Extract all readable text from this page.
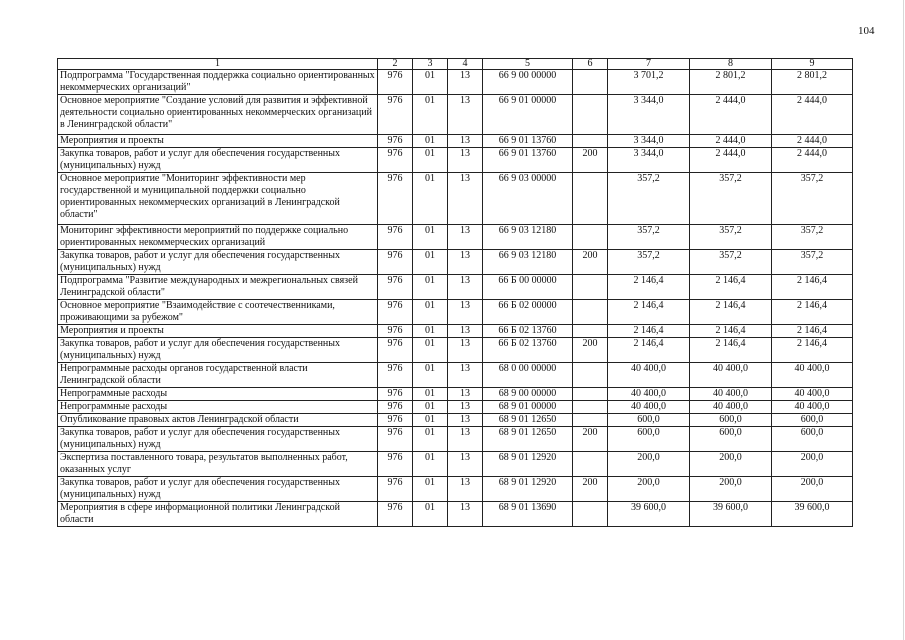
104
1	2	3	4	5	6	7	8	9
Подпрограмма "Государственная поддержка социально ориентированных некоммерческих организаций"	976	01	13	66 9 00 00000		3 701,2	2 801,2	2 801,2
Основное мероприятие "Создание условий для развития и эффективной деятельности социально ориентированных некоммерческих организаций в Ленинградской области"	976	01	13	66 9 01 00000		3 344,0	2 444,0	2 444,0
Мероприятия и проекты	976	01	13	66 9 01 13760		3 344,0	2 444,0	2 444,0
Закупка товаров, работ и услуг для обеспечения государственных (муниципальных) нужд	976	01	13	66 9 01 13760	200	3 344,0	2 444,0	2 444,0
Основное мероприятие "Мониторинг эффективности мер государственной и муниципальной поддержки социально ориентированных некоммерческих организаций в Ленинградской области"	976	01	13	66 9 03 00000		357,2	357,2	357,2
Мониторинг эффективности мероприятий по поддержке социально ориентированных некоммерческих организаций	976	01	13	66 9 03 12180		357,2	357,2	357,2
Закупка товаров, работ и услуг для обеспечения государственных (муниципальных) нужд	976	01	13	66 9 03 12180	200	357,2	357,2	357,2
Подпрограмма "Развитие международных и межрегиональных связей Ленинградской области"	976	01	13	66 Б 00 00000		2 146,4	2 146,4	2 146,4
Основное мероприятие "Взаимодействие с соотечественниками, проживающими за рубежом"	976	01	13	66 Б 02 00000		2 146,4	2 146,4	2 146,4
Мероприятия и проекты	976	01	13	66 Б 02 13760		2 146,4	2 146,4	2 146,4
Закупка товаров, работ и услуг для обеспечения государственных (муниципальных) нужд	976	01	13	66 Б 02 13760	200	2 146,4	2 146,4	2 146,4
Непрограммные расходы органов государственной власти Ленинградской области	976	01	13	68 0 00 00000		40 400,0	40 400,0	40 400,0
Непрограммные расходы	976	01	13	68 9 00 00000		40 400,0	40 400,0	40 400,0
Непрограммные расходы	976	01	13	68 9 01 00000		40 400,0	40 400,0	40 400,0
Опубликование правовых актов Ленинградской области	976	01	13	68 9 01 12650		600,0	600,0	600,0
Закупка товаров, работ и услуг для обеспечения государственных (муниципальных) нужд	976	01	13	68 9 01 12650	200	600,0	600,0	600,0
Экспертиза поставленного товара, результатов выполненных работ, оказанных услуг	976	01	13	68 9 01 12920		200,0	200,0	200,0
Закупка товаров, работ и услуг для обеспечения государственных (муниципальных) нужд	976	01	13	68 9 01 12920	200	200,0	200,0	200,0
Мероприятия в сфере информационной политики Ленинградской области	976	01	13	68 9 01 13690		39 600,0	39 600,0	39 600,0
